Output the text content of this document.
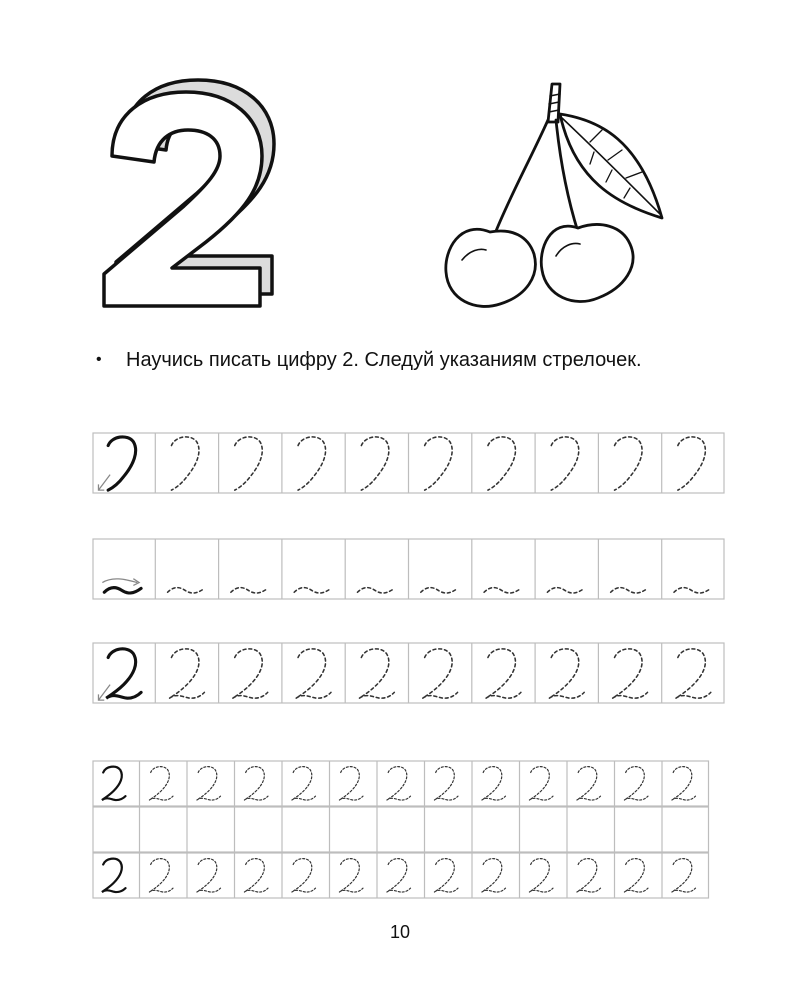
• Научись писать цифру 2. Следуй указаниям стрелочек.
10
